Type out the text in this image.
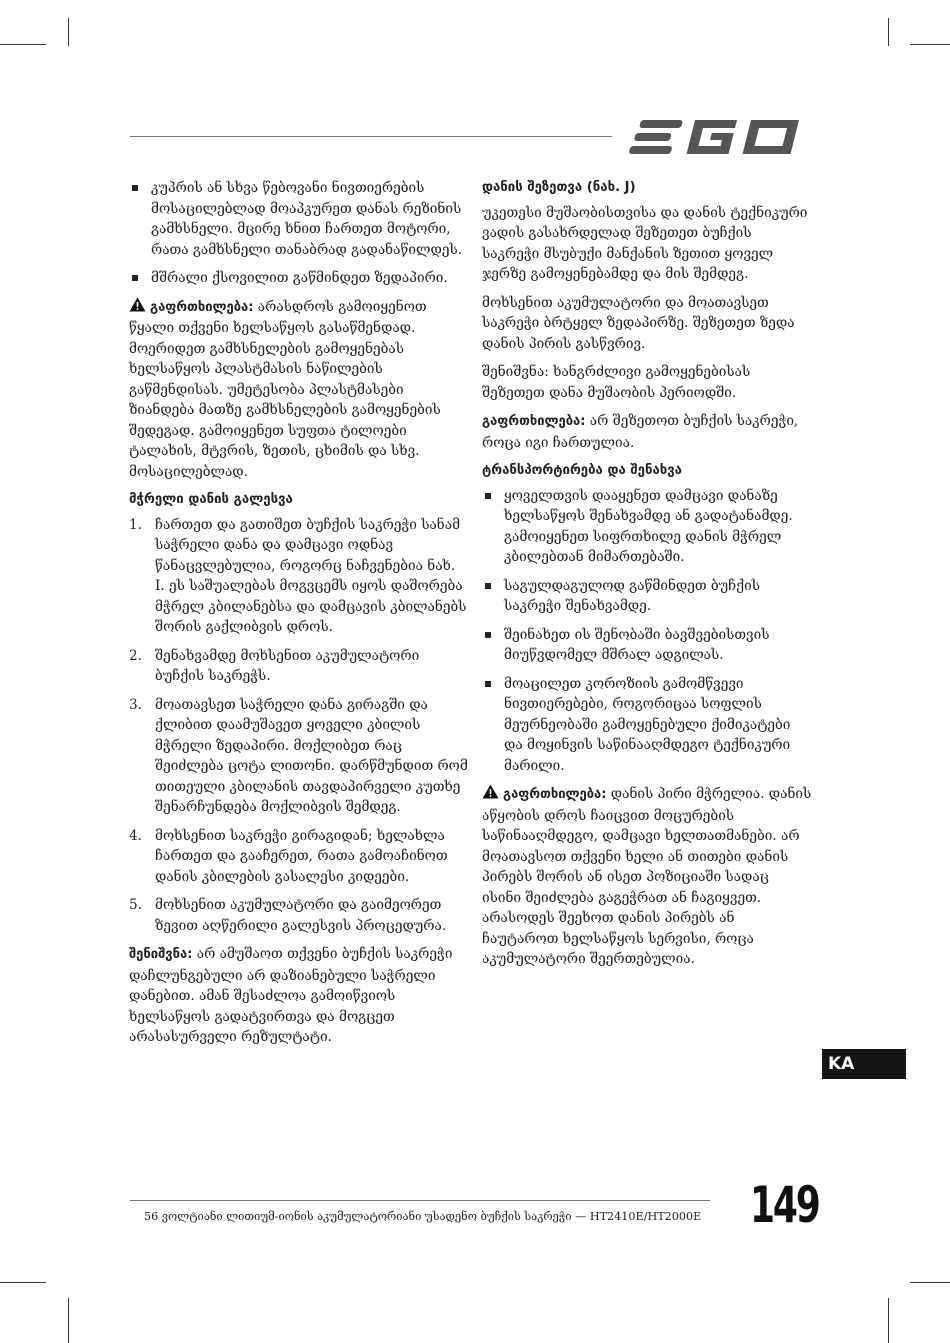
კუპრის ან სხვა წებოვანი ნივთიერების მოსაცილებლად მოაპკურეთ დანას რეზინის გამხსნელი. მცირე ხნით ჩართეთ მოტორი, რათა გამხსნელი თანაბრად გადანაწილდეს.
მშრალი ქსოვილით გაწმინდეთ ზედაპირი.

გაფრთხილება: არასდროს გამოიყენოთ წყალი თქვენი ხელსაწყოს გასაწმენდად. მოერიდეთ გამხსნელების გამოყენებას ხელსაწყოს პლასტმასის ნაწილების გაწმენდისას. უმეტესობა პლასტმასები ზიანდება მათზე გამხსნელების გამოყენების შედეგად. გამოიყენეთ სუფთა ტილოები ტალახის, მტვრის, ზეთის, ცხიმის და სხვ. მოსაცილებლად.

მჭრელი დანის გალესვა
1. ჩართეთ და გათიშეთ ბუჩქის საკრეჭი სანამ საჭრელი დანა და დამცავი ოდნავ წანაცვლებულია, როგორც ნაჩვენებია ნახ. I. ეს საშუალებას მოგვცემს იყოს დაშორება მჭრელ კბილანებსა და დამცავის კბილანებს შორის გაქლიბვის დროს.
2. შენახვამდე მოხსენით აკუმულატორი ბუჩქის საკრეჭს.
3. მოათავსეთ საჭრელი დანა გირაგში და ქლიბით დაამუშავეთ ყოველი კბილის მჭრელი ზედაპირი. მოქლიბეთ რაც შეიძლება ცოტა ლითონი. დარწმუნდით რომ თითეული კბილანის თავდაპირველი კუთხე შენარჩუნდება მოქლიბვის შემდეგ.
4. მოხსენით საკრეჭი გირაგიდან; ხელახლა ჩართეთ და გააჩერეთ, რათა გამოაჩინოთ დანის კბილების გასალესი კიდეები.
5. მოხსენით აკუმულატორი და გაიმეორეთ ზევით აღწერილი გალესვის პროცედურა.

შენიშვნა: არ ამუშაოთ თქვენი ბუჩქის საკრეჭი დაჩლუნგებული არ დაზიანებული საჭრელი დანებით. ამან შესაძლოა გამოიწვიოს ხელსაწყოს გადატვირთვა და მოგცეთ არასასურველი რეზულტატი.

დანის შეზეთვა (ნახ. J)

უკეთესი მუშაობისთვისა და დანის ტექნიკური ვადის გასახრდელად შეზეთეთ ბუჩქის საკრეჭი მსუბუქი მანქანის ზეთით ყოველ ჯერზე გამოყენებამდე და მის შემდეგ.

მოხსენით აკუმულატორი და მოათავსეთ საკრეჭი ბრტყელ ზედაპირზე. შეზეთეთ ზედა დანის პირის გასწვრივ.

შენიშვნა: ხანგრძლივი გამოყენებისას შეზეთეთ დანა მუშაობის პერიოდში.

გაფრთხილება: არ შეზეთოთ ბუჩქის საკრეჭი, როცა იგი ჩართულია.

ტრანსპორტირება და შენახვა
ყოველთვის დააყენეთ დამცავი დანაზე ხელსაწყოს შენახვამდე ან გადატანამდე. გამოიყენეთ სიფრთხილე დანის მჭრელ კბილებთან მიმართებაში.
საგულდაგულოდ გაწმინდეთ ბუჩქის საკრეჭი შენახვამდე.
შეინახეთ ის შენობაში ბავშვებისთვის მიუწვდომელ მშრალ ადგილას.
მოაცილეთ კოროზიის გამომწვევი ნივთიერებები, როგორიცაა სოფლის მეურნეობაში გამოყენებული ქიმიკატები და მოყინვის საწინააღმდეგო ტექნიკური მარილი.

გაფრთხილება: დანის პირი მჭრელია. დანის აწყობის დროს ჩაიცვით მოცურების საწინააღმდეგო, დამცავი ხელთათმანები. არ მოათავსოთ თქვენი ხელი ან თითები დანის პირებს შორის ან ისეთ პოზიციაში სადაც ისინი შეიძლება გაგეჭრათ ან ჩაგიყვეთ. არასოდეს შეეხოთ დანის პირებს ან ჩაუტაროთ ხელსაწყოს სერვისი, როცა აკუმულატორი შეერთებულია.

KA
56 ვოლტიანი ლითიუმ-იონის აკუმულატორიანი უსადენო ბუჩქის საკრეჭი — HT2410E/HT2000E 149
